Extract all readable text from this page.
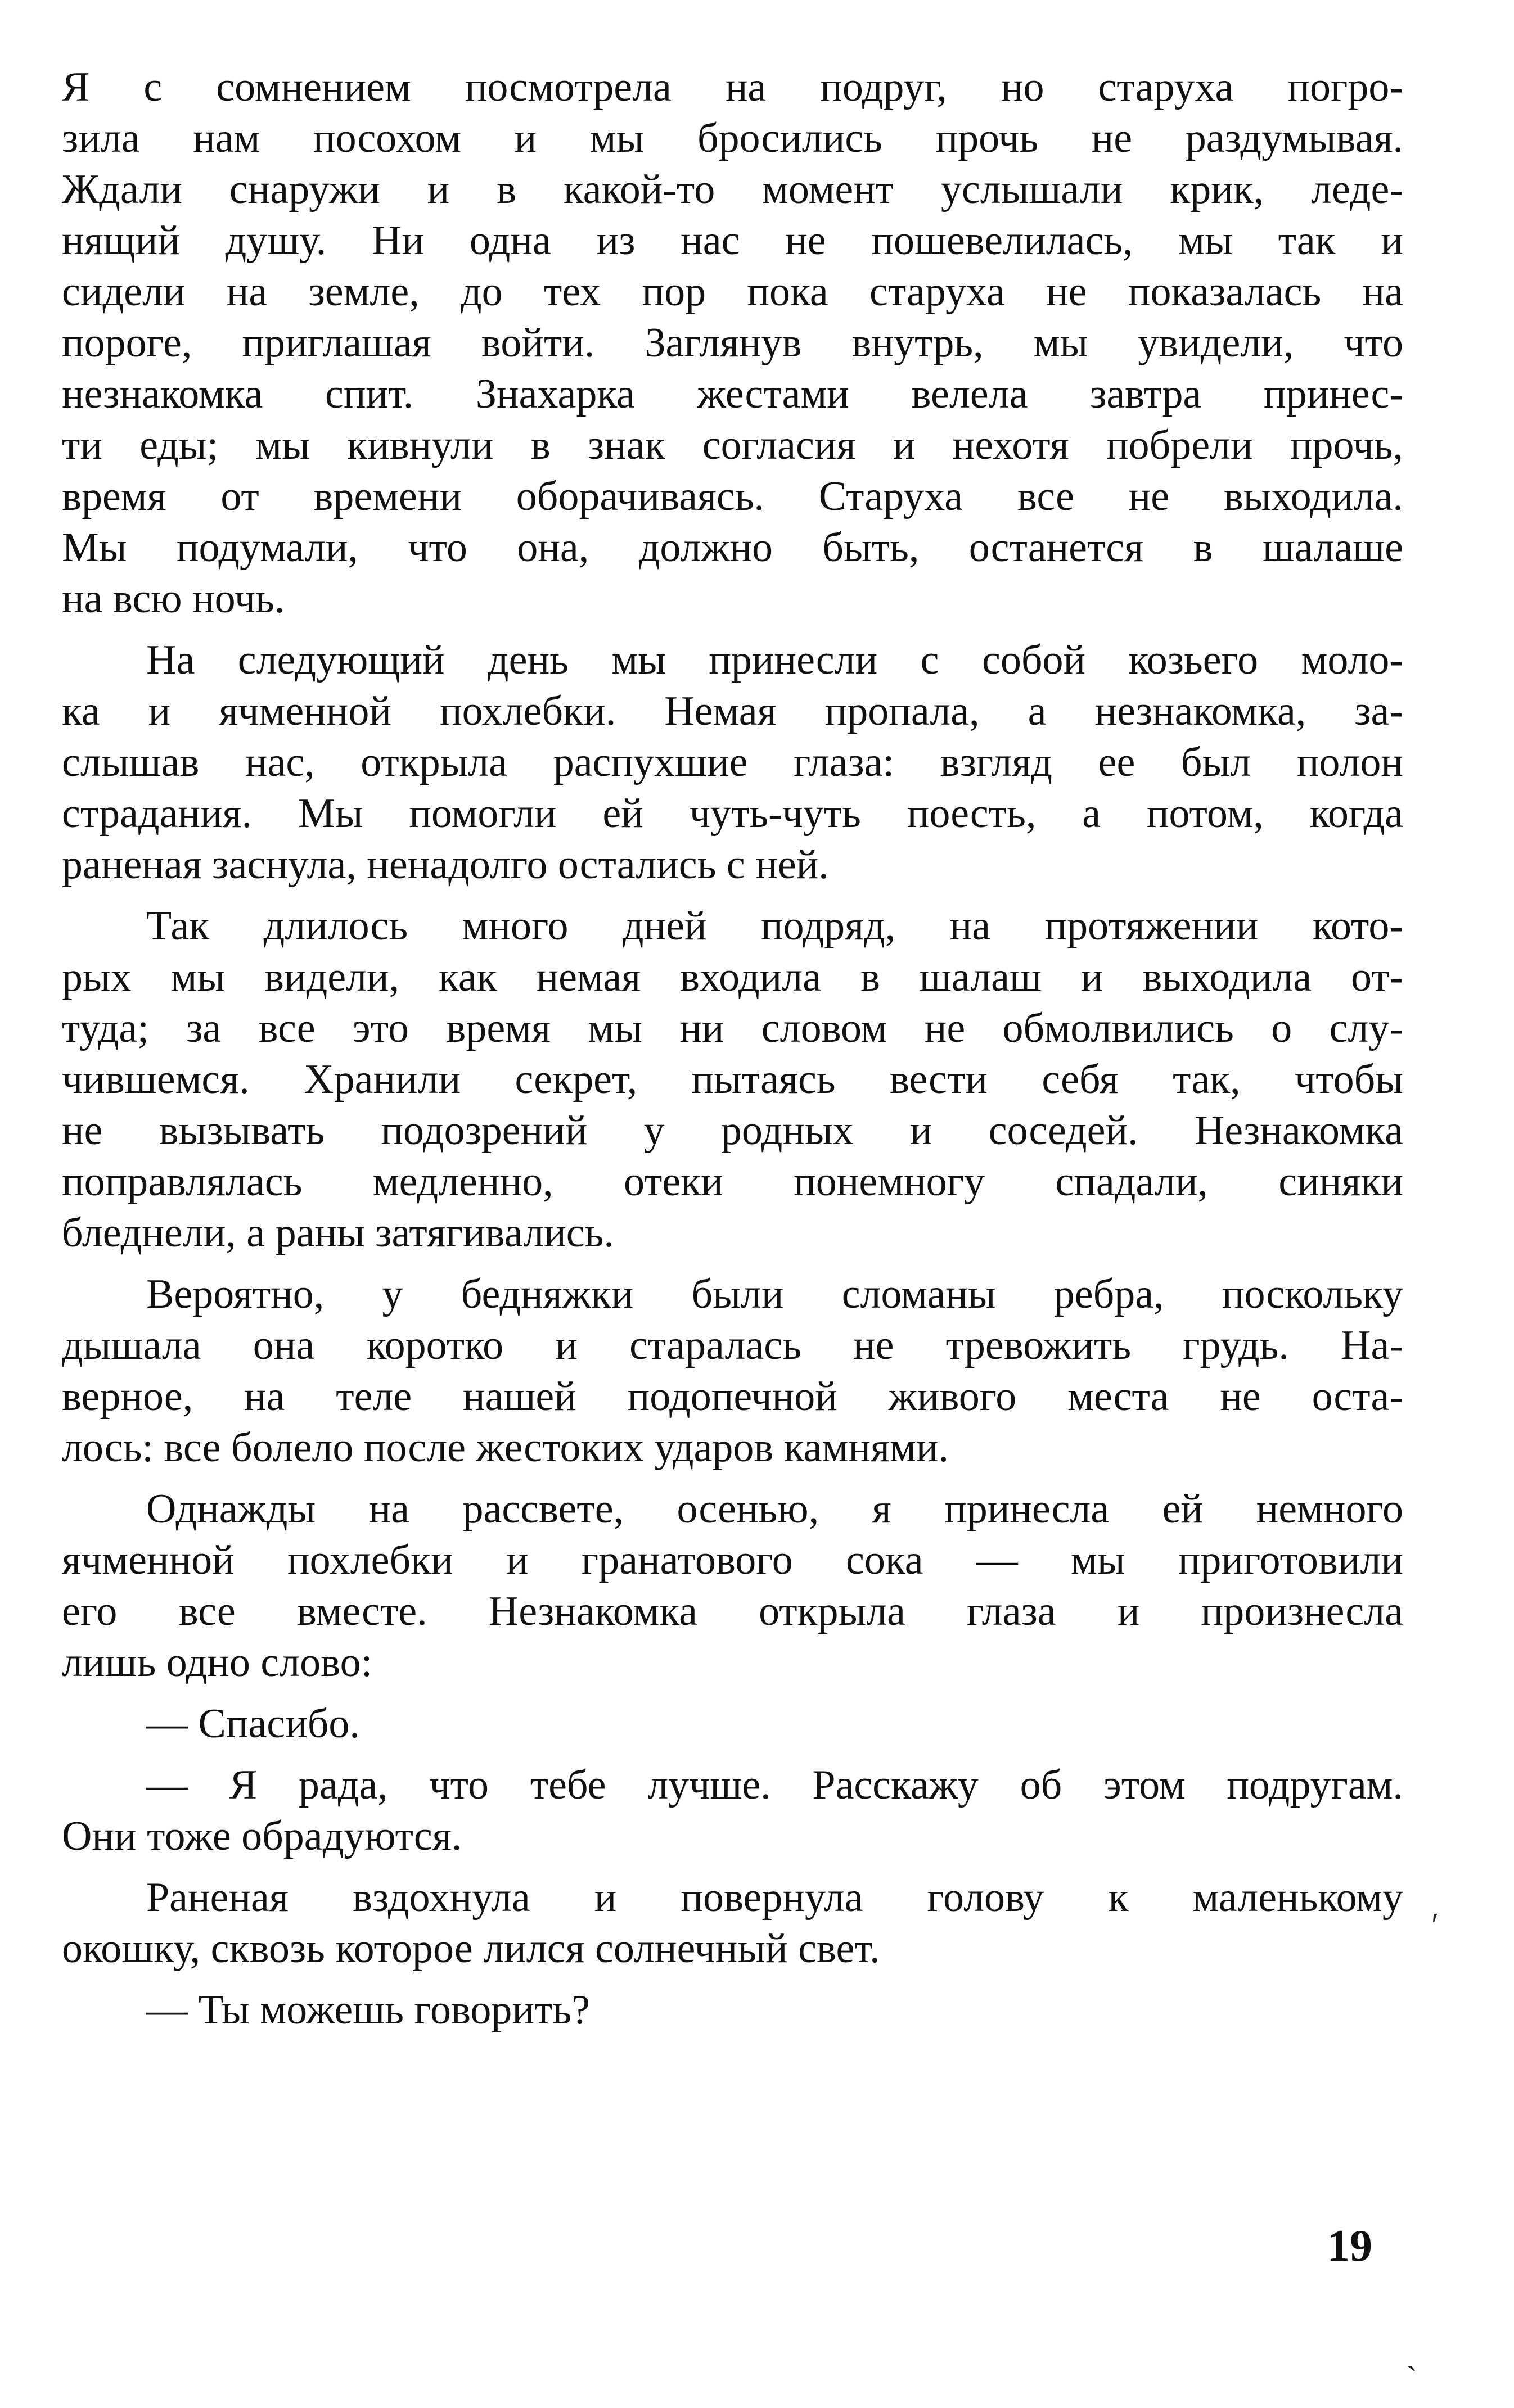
Я с сомнением посмотрела на подруг, но старуха погро-
зила нам посохом и мы бросились прочь не раздумывая.
Ждали снаружи и в какой-то момент услышали крик, леде-
нящий душу. Ни одна из нас не пошевелилась, мы так и
сидели на земле, до тех пор пока старуха не показалась на
пороге, приглашая войти. Заглянув внутрь, мы увидели, что
незнакомка спит. Знахарка жестами велела завтра принес-
ти еды; мы кивнули в знак согласия и нехотя побрели прочь,
время от времени оборачиваясь. Старуха все не выходила.
Мы подумали, что она, должно быть, останется в шалаше
на всю ночь.

На следующий день мы принесли с собой козьего моло-
ка и ячменной похлебки. Немая пропала, а незнакомка, за-
слышав нас, открыла распухшие глаза: взгляд ее был полон
страдания. Мы помогли ей чуть-чуть поесть, а потом, когда
раненая заснула, ненадолго остались с ней.

Так длилось много дней подряд, на протяжении кото-
рых мы видели, как немая входила в шалаш и выходила от-
туда; за все это время мы ни словом не обмолвились о слу-
чившемся. Хранили секрет, пытаясь вести себя так, чтобы
не вызывать подозрений у родных и соседей. Незнакомка
поправлялась медленно, отеки понемногу спадали, синяки
бледнели, а раны затягивались.

Вероятно, у бедняжки были сломаны ребра, поскольку
дышала она коротко и старалась не тревожить грудь. На-
верное, на теле нашей подопечной живого места не оста-
лось: все болело после жестоких ударов камнями.

Однажды на рассвете, осенью, я принесла ей немного
ячменной похлебки и гранатового сока — мы приготовили
его все вместе. Незнакомка открыла глаза и произнесла
лишь одно слово:

— Спасибо.

— Я рада, что тебе лучше. Расскажу об этом подругам.
Они тоже обрадуются.

Раненая вздохнула и повернула голову к маленькому
окошку, сквозь которое лился солнечный свет.

— Ты можешь говорить?

ʹ
19
ˎ
